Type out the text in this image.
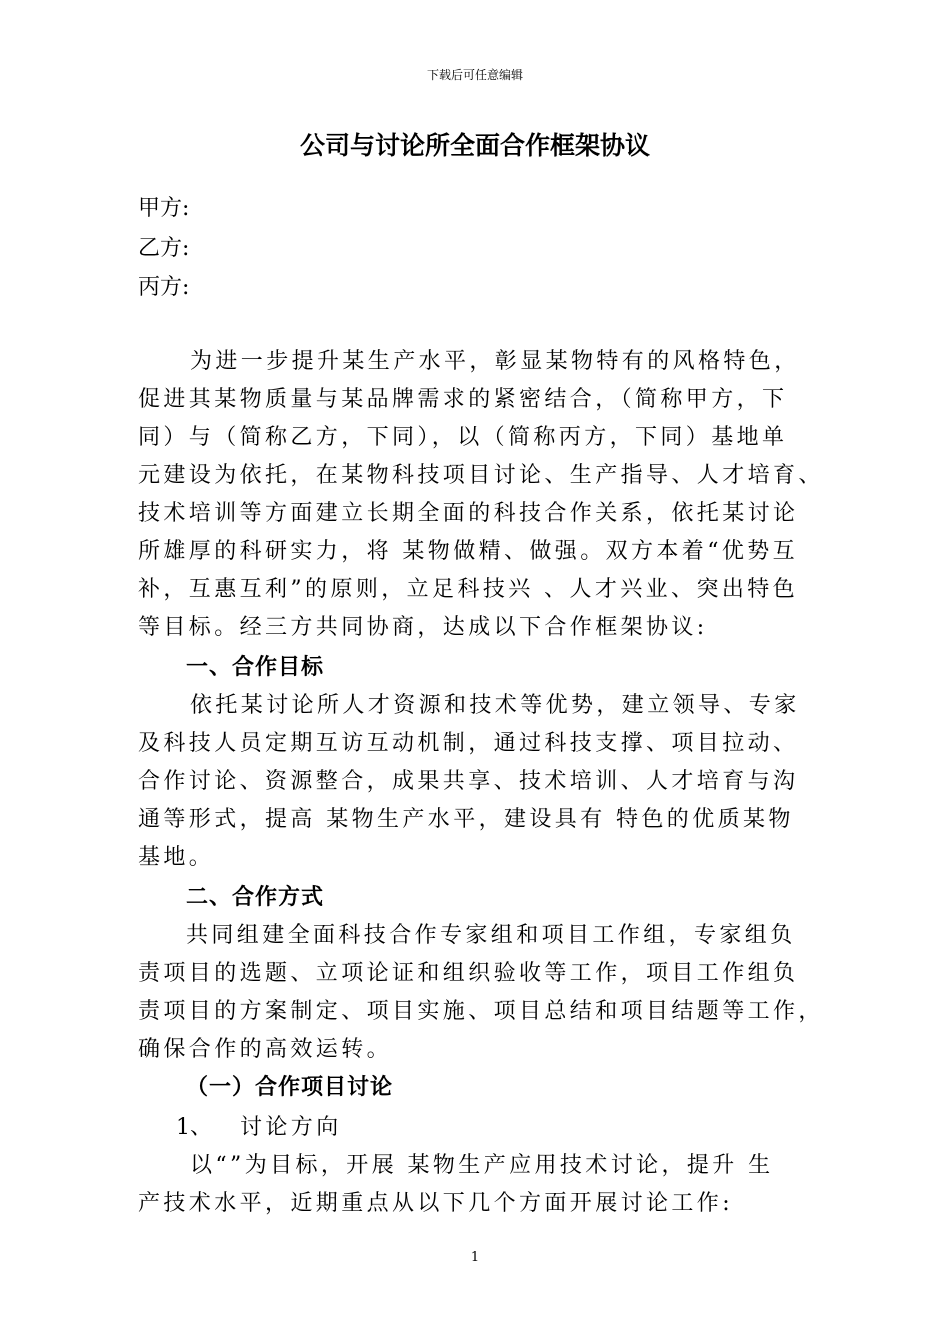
下载后可任意编辑
公司与讨论所全面合作框架协议
甲方:
乙方:
丙方:
为进一步提升某生产水平，彰显某物特有的风格特色，
促进其某物质量与某品牌需求的紧密结合，（简称甲方，下
同）与（简称乙方，下同），以（简称丙方，下同）基地单
元建设为依托，在某物科技项目讨论、生产指导、人才培育、
技术培训等方面建立长期全面的科技合作关系，依托某讨论
所雄厚的科研实力，将 某物做精、做强。双方本着“优势互
补，互惠互利”的原则，立足科技兴 、人才兴业、突出特色
等目标。经三方共同协商，达成以下合作框架协议:
一、合作目标
依托某讨论所人才资源和技术等优势，建立领导、专家
及科技人员定期互访互动机制，通过科技支撑、项目拉动、
合作讨论、资源整合，成果共享、技术培训、人才培育与沟
通等形式，提高 某物生产水平，建设具有 特色的优质某物
基地。
二、合作方式
共同组建全面科技合作专家组和项目工作组，专家组负
责项目的选题、立项论证和组织验收等工作，项目工作组负
责项目的方案制定、项目实施、项目总结和项目结题等工作，
确保合作的高效运转。
（一）合作项目讨论
1、	讨论方向
以“”为目标，开展 某物生产应用技术讨论，提升 生
产技术水平，近期重点从以下几个方面开展讨论工作:
1
